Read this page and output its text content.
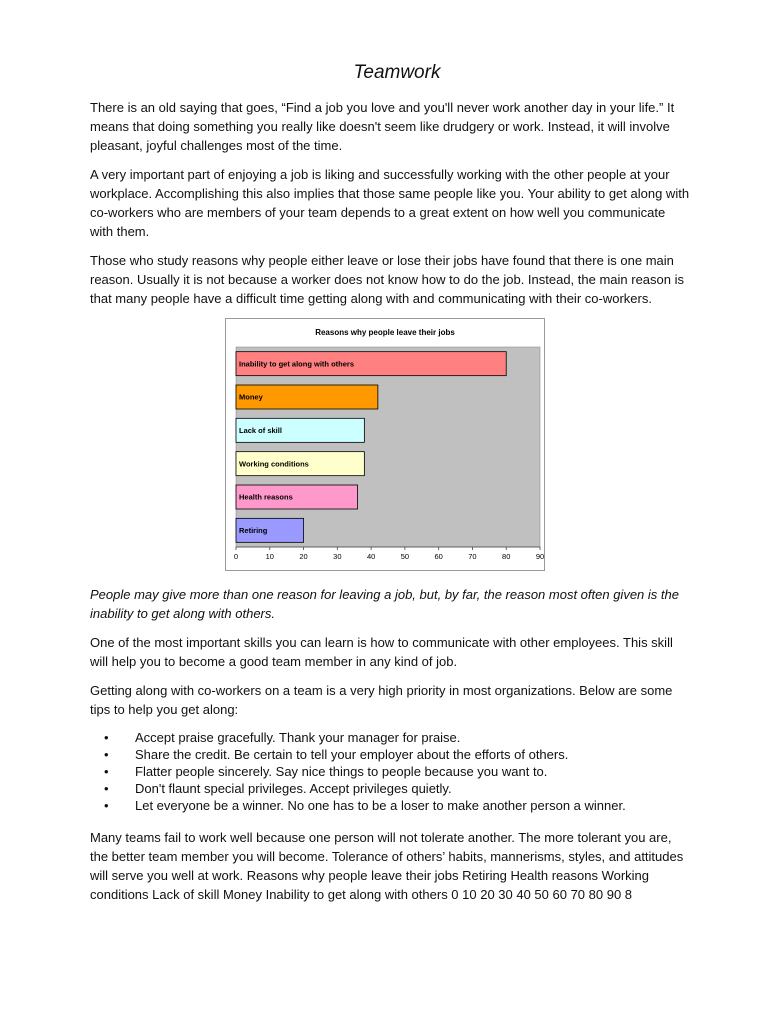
Teamwork

There is an old saying that goes, “Find a job you love and you'll never work another day in your life.” It means that doing something you really like doesn't seem like drudgery or work. Instead, it will involve pleasant, joyful challenges most of the time.

A very important part of enjoying a job is liking and successfully working with the other people at your workplace. Accomplishing this also implies that those same people like you. Your ability to get along with co-workers who are members of your team depends to a great extent on how well you communicate with them.

Those who study reasons why people either leave or lose their jobs have found that there is one main reason. Usually it is not because a worker does not know how to do the job. Instead, the main reason is that many people have a difficult time getting along with and communicating with their co-workers.

Reasons why people leave their jobs
Inability to get along with others
Money
Lack of skill
Working conditions
Health reasons
Retiring
0	10	20	30	40	50	60	70	80	90

People may give more than one reason for leaving a job, but, by far, the reason most often given is the inability to get along with others.

One of the most important skills you can learn is how to communicate with other employees. This skill will help you to become a good team member in any kind of job.

Getting along with co-workers on a team is a very high priority in most organizations. Below are some tips to help you get along:

• Accept praise gracefully. Thank your manager for praise.
• Share the credit. Be certain to tell your employer about the efforts of others.
• Flatter people sincerely. Say nice things to people because you want to.
• Don't flaunt special privileges. Accept privileges quietly.
• Let everyone be a winner. No one has to be a loser to make another person a winner.

Many teams fail to work well because one person will not tolerate another. The more tolerant you are, the better team member you will become. Tolerance of others’ habits, mannerisms, styles, and attitudes will serve you well at work. Reasons why people leave their jobs Retiring Health reasons Working conditions Lack of skill Money Inability to get along with others 0 10 20 30 40 50 60 70 80 90 8
